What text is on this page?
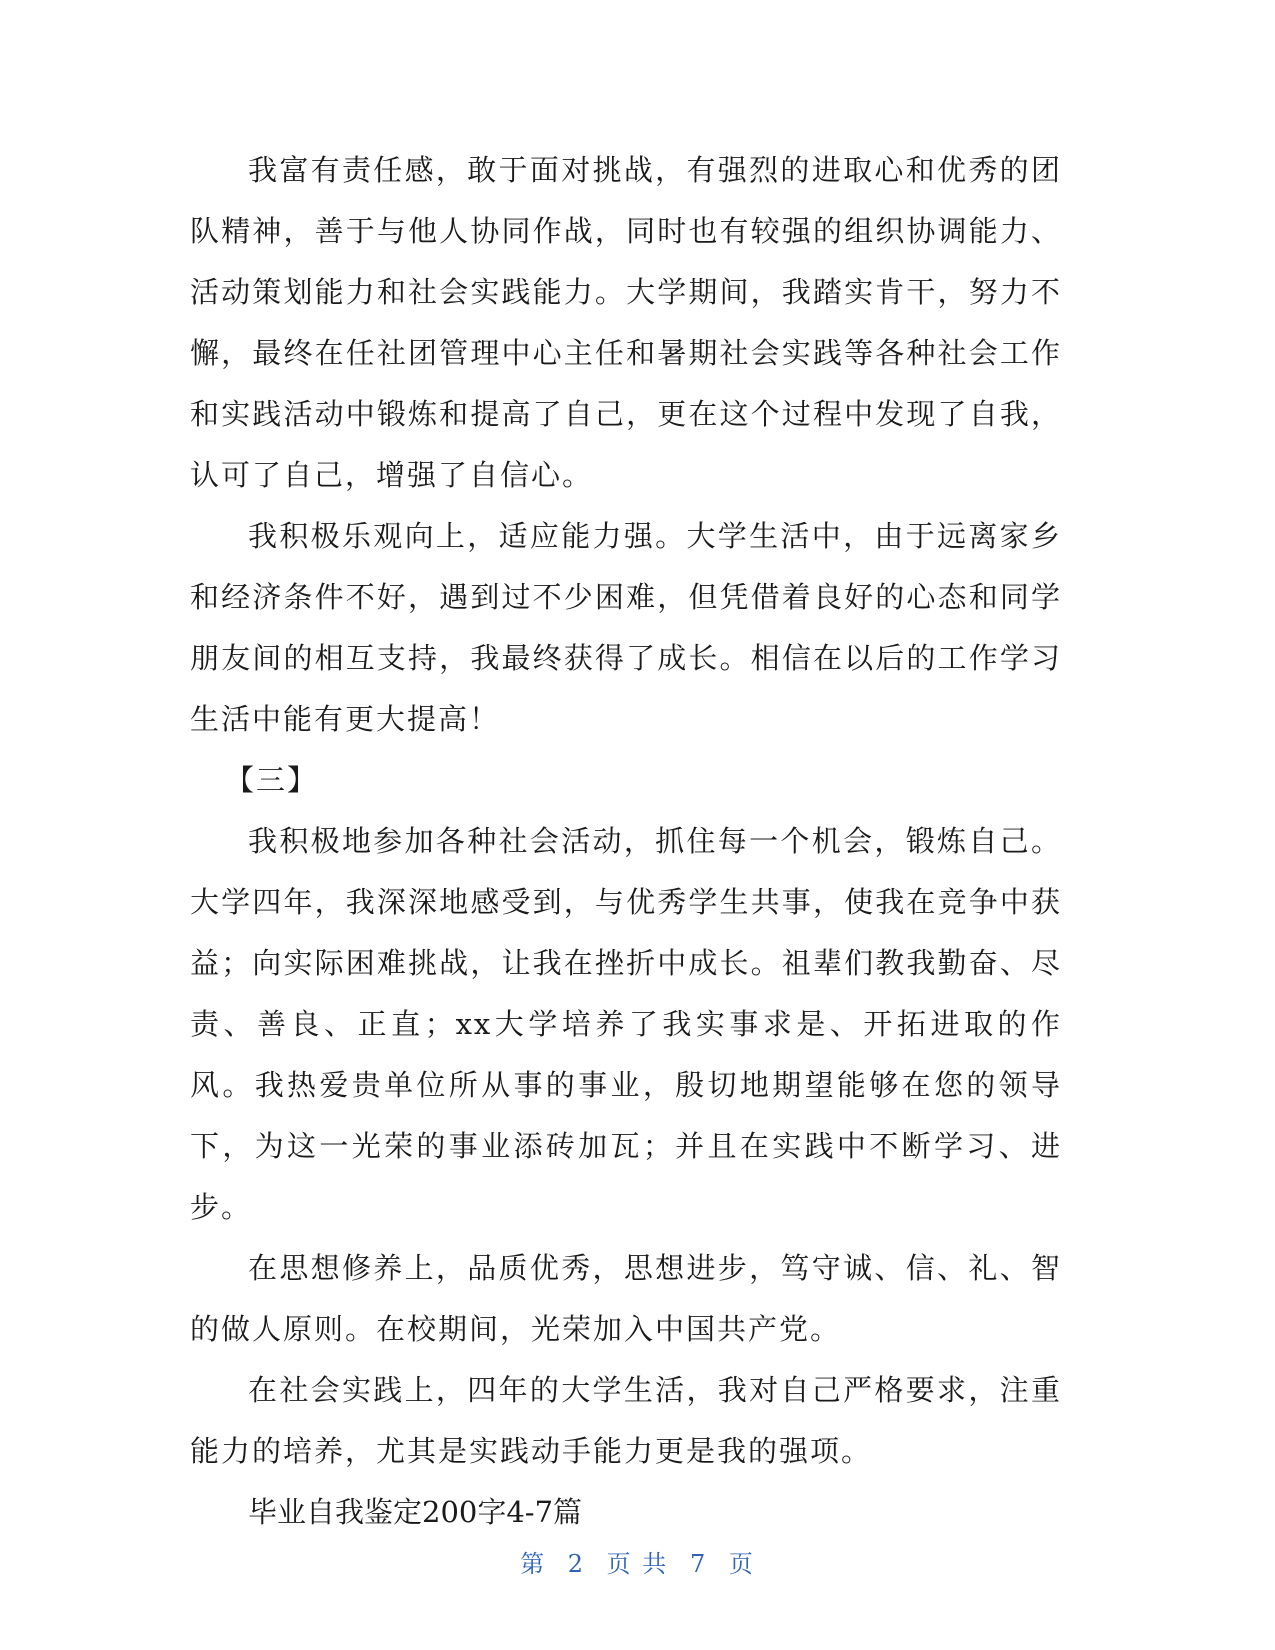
我富有责任感，敢于面对挑战，有强烈的进取心和优秀的团队精神，善于与他人协同作战，同时也有较强的组织协调能力、活动策划能力和社会实践能力。大学期间，我踏实肯干，努力不懈，最终在任社团管理中心主任和暑期社会实践等各种社会工作和实践活动中锻炼和提高了自己，更在这个过程中发现了自我，认可了自己，增强了自信心。

我积极乐观向上，适应能力强。大学生活中，由于远离家乡和经济条件不好，遇到过不少困难，但凭借着良好的心态和同学朋友间的相互支持，我最终获得了成长。相信在以后的工作学习生活中能有更大提高！

【三】

我积极地参加各种社会活动，抓住每一个机会，锻炼自己。大学四年，我深深地感受到，与优秀学生共事，使我在竞争中获益；向实际困难挑战，让我在挫折中成长。祖辈们教我勤奋、尽责、善良、正直；xx大学培养了我实事求是、开拓进取的作风。我热爱贵单位所从事的事业，殷切地期望能够在您的领导下，为这一光荣的事业添砖加瓦；并且在实践中不断学习、进步。

在思想修养上，品质优秀，思想进步，笃守诚、信、礼、智的做人原则。在校期间，光荣加入中国共产党。

在社会实践上，四年的大学生活，我对自己严格要求，注重能力的培养，尤其是实践动手能力更是我的强项。

毕业自我鉴定200字4-7篇

第 2 页 共 7 页
